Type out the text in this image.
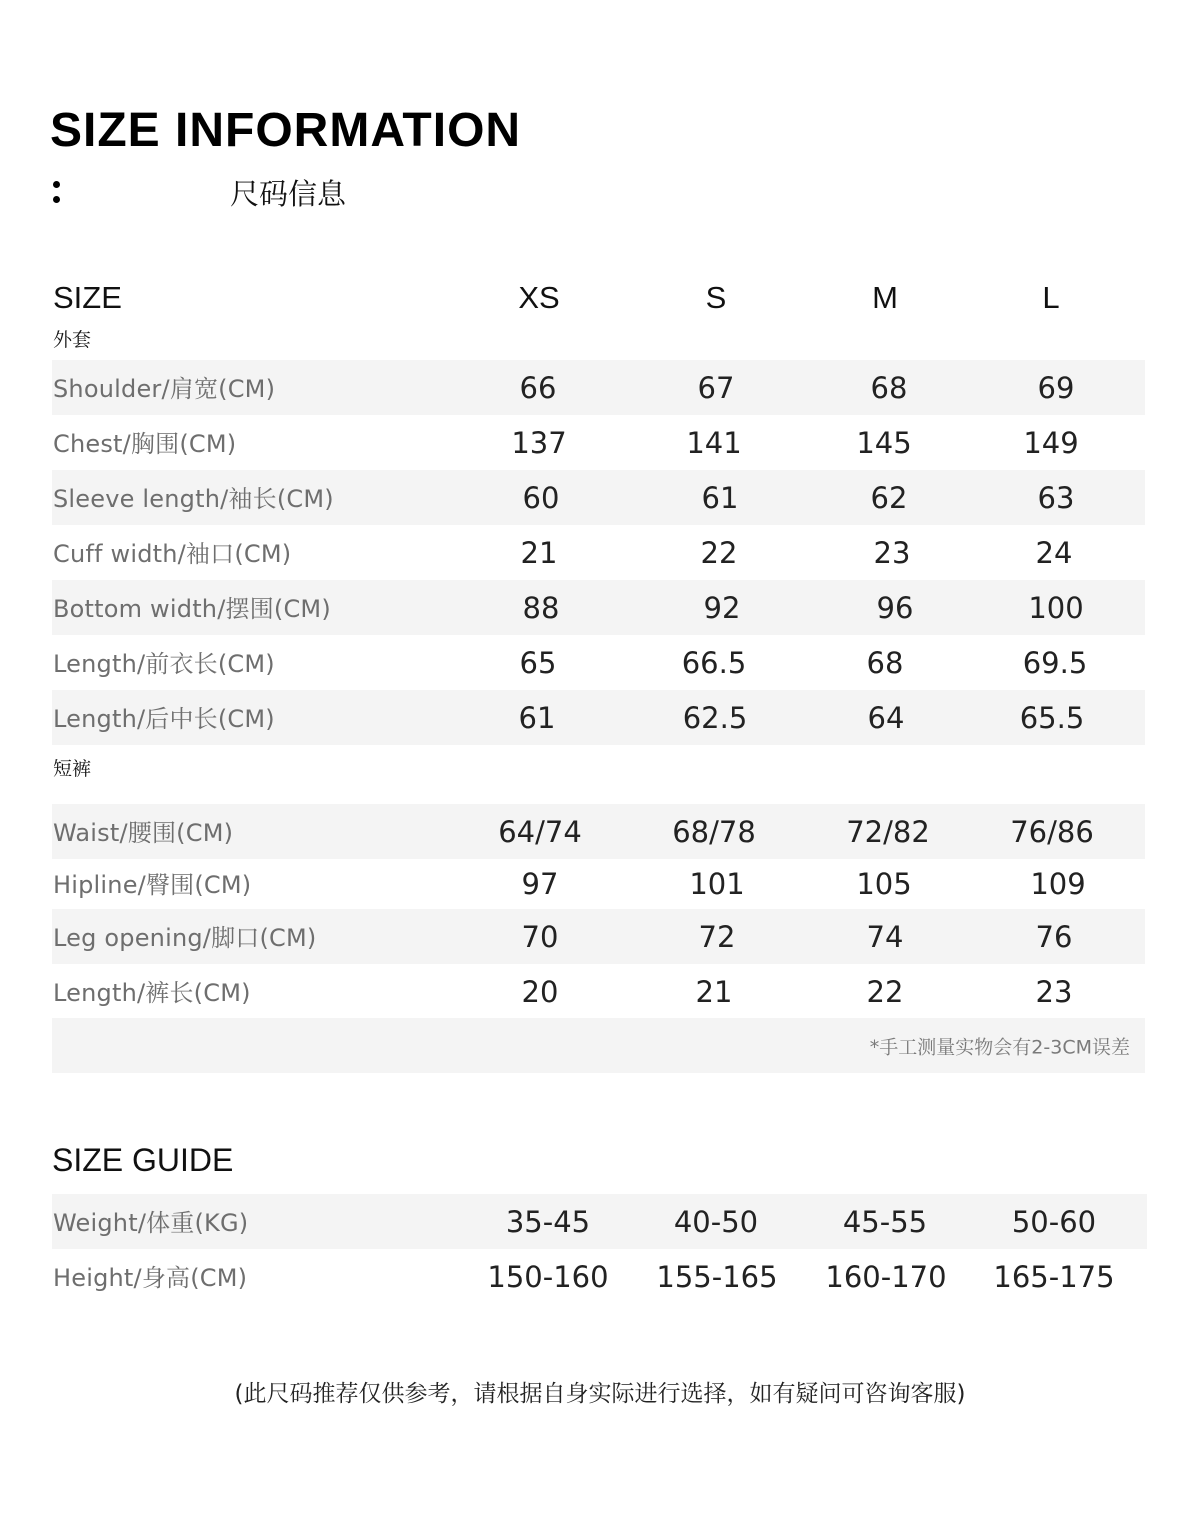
SIZE INFORMATION
尺码信息
SIZE	XS	S	M	L
外套
Shoulder/肩宽(CM)	66	67	68	69
Chest/胸围(CM)	137	141	145	149
Sleeve length/袖长(CM)	60	61	62	63
Cuff width/袖口(CM)	21	22	23	24
Bottom width/摆围(CM)	88	92	96	100
Length/前衣长(CM)	65	66.5	68	69.5
Length/后中长(CM)	61	62.5	64	65.5
短裤
Waist/腰围(CM)	64/74	68/78	72/82	76/86
Hipline/臀围(CM)	97	101	105	109
Leg opening/脚口(CM)	70	72	74	76
Length/裤长(CM)	20	21	22	23
*手工测量实物会有2-3CM误差
SIZE GUIDE
Weight/体重(KG)	35-45	40-50	45-55	50-60
Height/身高(CM)	150-160	155-165	160-170	165-175
(此尺码推荐仅供参考，请根据自身实际进行选择，如有疑问可咨询客服)
